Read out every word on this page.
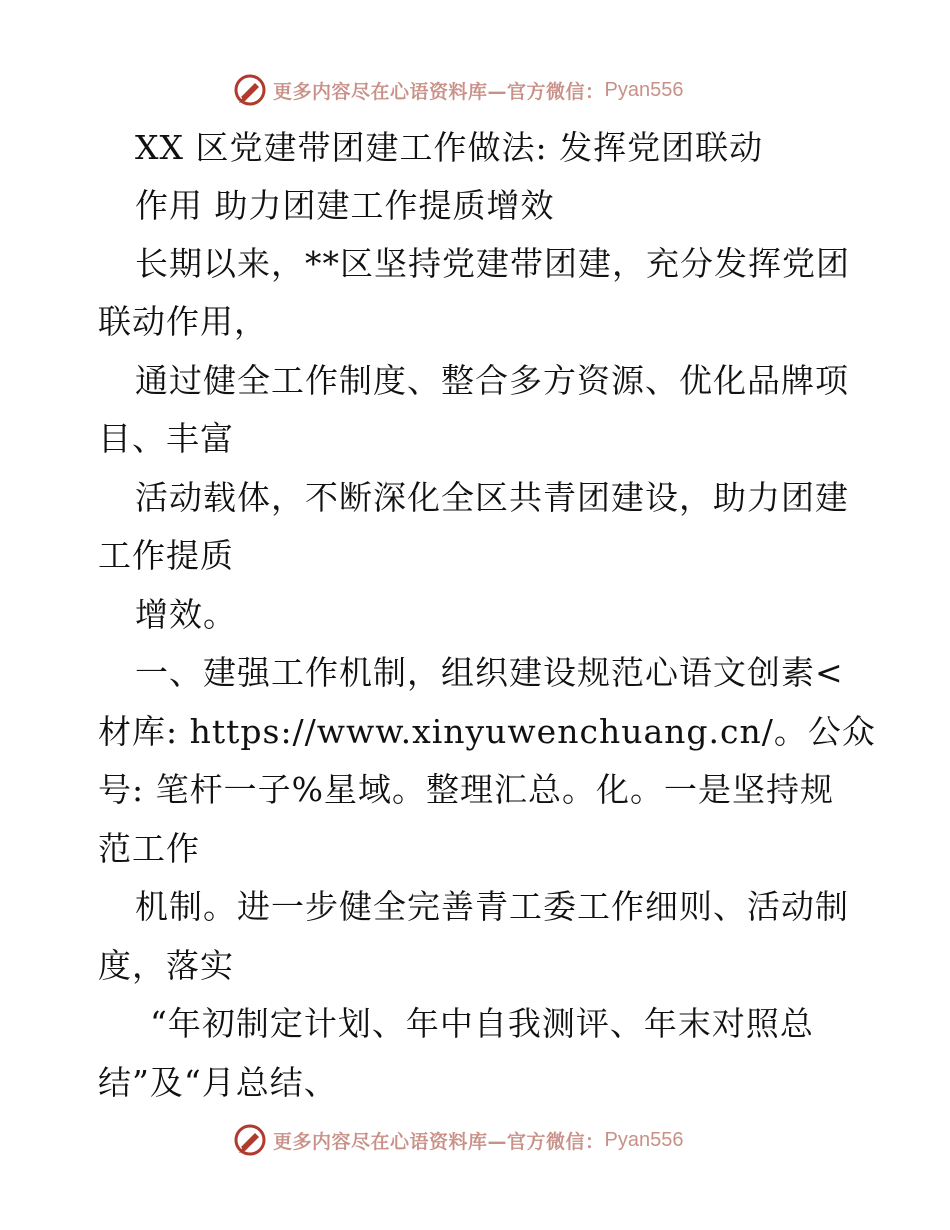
更多内容尽在心语资料库—官方微信： Pyan556
XX 区党建带团建工作做法: 发挥党团联动
作用 助力团建工作提质增效
长期以来，**区坚持党建带团建，充分发挥党团
联动作用，
通过健全工作制度、整合多方资源、优化品牌项
目、丰富
活动载体，不断深化全区共青团建设，助力团建
工作提质
增效。
一、建强工作机制，组织建设规范心语文创素<
材库: https://www.xinyuwenchuang.cn/。公众
号: 笔杆一子%星域。整理汇总。化。一是坚持规
范工作
机制。进一步健全完善青工委工作细则、活动制
度，落实
“年初制定计划、年中自我测评、年末对照总
结”及“月总结、
更多内容尽在心语资料库—官方微信： Pyan556
